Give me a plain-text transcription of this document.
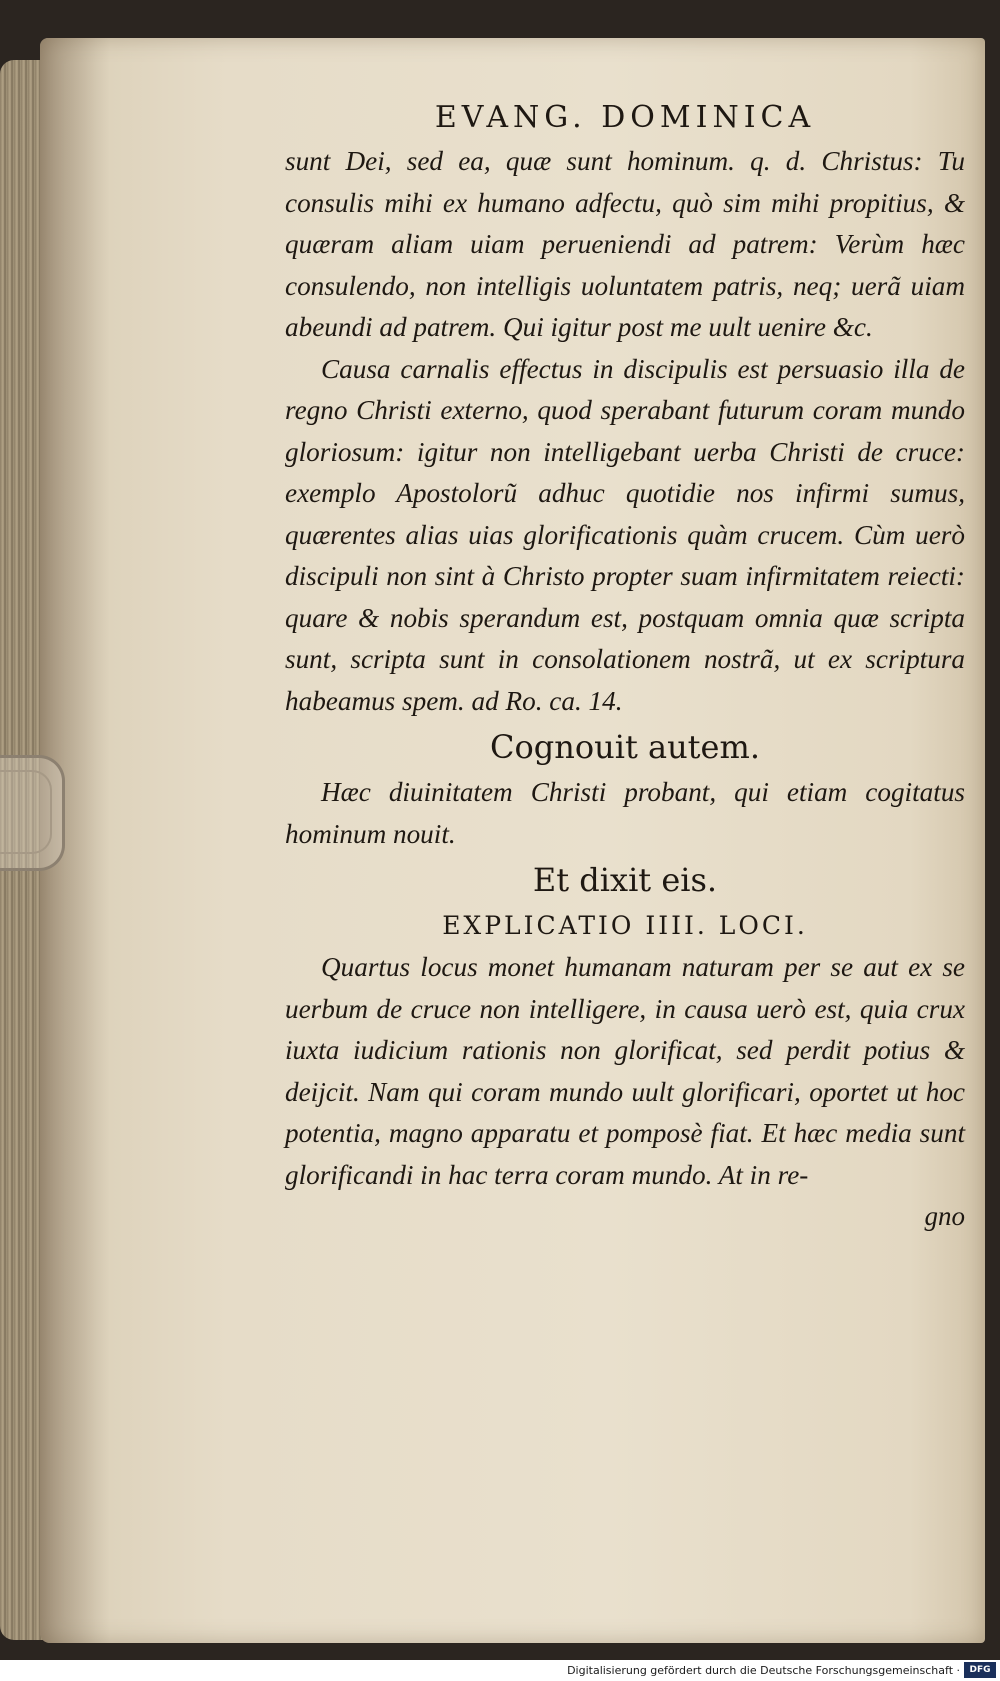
EVANG. DOMINICA

sunt Dei, sed ea, quæ sunt hominum. q. d. Christus: Tu consulis mihi ex humano adfectu, quò sim mihi propitius, & quæram aliam uiam perueniendi ad patrem: Verùm hæc consulendo, non intelligis uoluntatem patris, neq; uerã uiam abeundi ad patrem. Qui igitur post me uult uenire &c.

Causa carnalis effectus in discipulis est persuasio illa de regno Christi externo, quod sperabant futurum coram mundo gloriosum: igitur non intelligebant uerba Christi de cruce: exemplo Apostolorũ adhuc quotidie nos infirmi sumus, quærentes alias uias glorificationis quàm crucem. Cùm uerò discipuli non sint à Christo propter suam infirmitatem reiecti: quare & nobis sperandum est, postquam omnia quæ scripta sunt, scripta sunt in consolationem nostrã, ut ex scriptura habeamus spem. ad Ro. ca. 14.

Cognouit autem.

Hæc diuinitatem Christi probant, qui etiam cogitatus hominum nouit.

Et dixit eis.

EXPLICATIO IIII. LOCI.

Quartus locus monet humanam naturam per se aut ex se uerbum de cruce non intelligere, in causa uerò est, quia crux iuxta iudicium rationis non glorificat, sed perdit potius & deijcit. Nam qui coram mundo uult glorificari, oportet ut hoc potentia, magno apparatu et pomposè fiat. Et hæc media sunt glorificandi in hac terra coram mundo. At in re-

gno

Digitalisierung gefördert durch die Deutsche Forschungsgemeinschaft ·	DFG
